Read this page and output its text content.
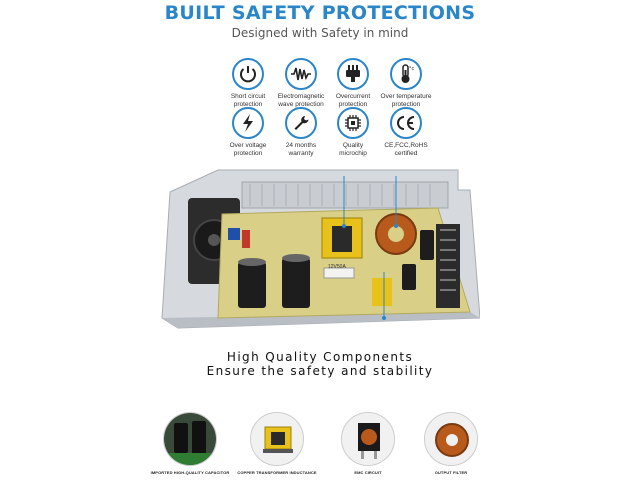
BUILT SAFETY PROTECTIONS
Designed with Safety in mind
Short circuit
protection
Electromagnetic
wave protection
Overcurrent
protection
°c
Over temperature
protection
Over voltage
protection
24 months
warranty
Quality
microchip
CE,FCC,RoHS
certified
12V50A
High Quality Components
Ensure the safety and stability
IMPORTED HIGH-QUALITY CAPACITOR	COPPER TRANSFORMER INDUCTANCE	EMC CIRCUIT	OUTPUT FILTER
